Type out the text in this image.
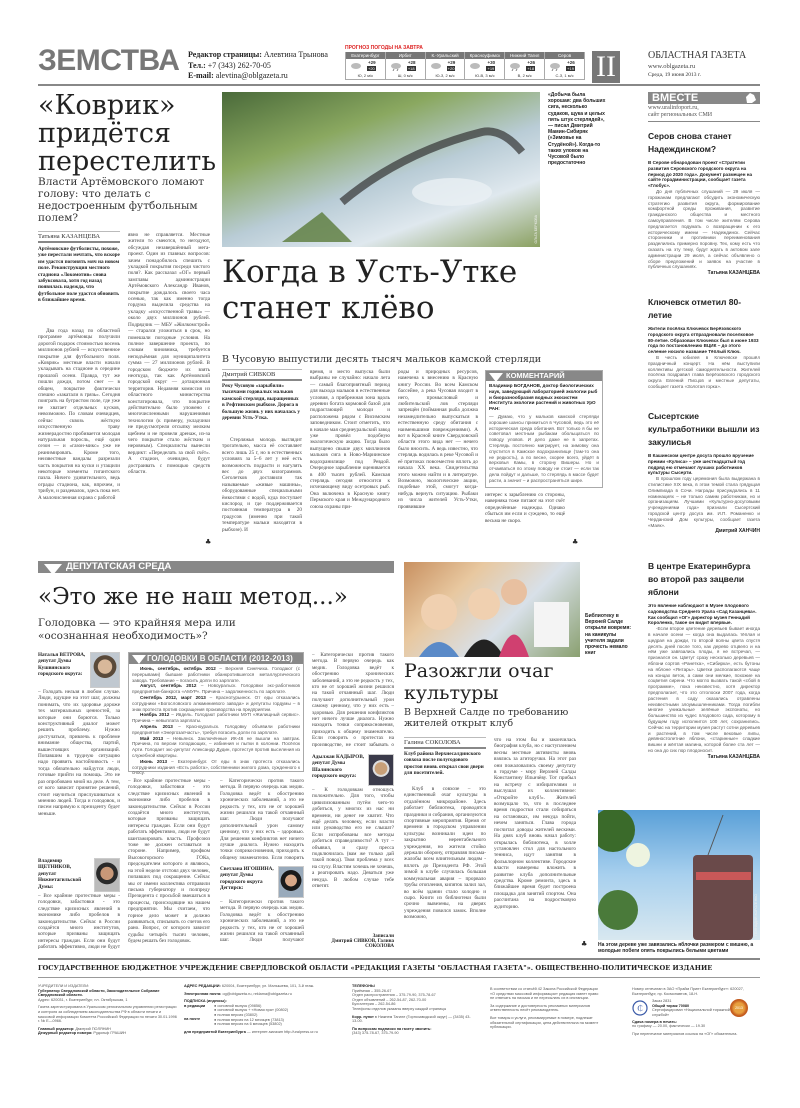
ЗЕМСТВА Редактор страницы: Алевтина Трынова
Тел.: +7 (343) 262-70-05
E-mail: alevtina@oblgazeta.ru
ПРОГНОЗ ПОГОДЫ НА ЗАВТРА
Екатеринбург
+29
+20
Ю, 2 м/с
Ирбит
+28
+18
Ш, 0 м/с
К.-Уральский
+29
+20
Ю-З, 2 м/с
Красноуфимск
+30
+19
Ю-В, 3 м/с
Нижний Тагил
+26
+18
В, 2 м/с
Серов
+26
+19
С-З, 1 м/с II	ОБЛАСТНАЯ ГАЗЕТА
www.oblgazeta.ru
Среда, 19 июня 2013 г.
«Коврик» придётся перестелить
Власти Артёмовского ломают голову: что делать с недостроенным футбольным полем?
Татьяна КАЗАНЦЕВА
Артёмовские футболисты, похоже, уже перестали мечтать, что вскоре им удастся погонять мяч на новом поле. Реконструкция местного стадиона «Локомотив» снова забуксовала, хотя год назад появилась надежда, что футбольное поле удастся обновить в ближайшее время.
Два года назад по областной программе артёмовцы получили дорогой подарок стоимостью восемь миллионов рублей — искусственное покрытие для футбольного поля. «Коврик» местные власти начали укладывать на стадионе в середине прошлой осени. Правда, тут же пошли дожди, потом снег — в общем, покрытие фактически спешно «закатали в грязь». Сегодня поиграть на бугристом поле, где уже не хватает отдельных кусков, невозможно. По словам очевидцев, сейчас сквозь жёсткую искусственную траву жизнерадостно пробивается молодая натуральная поросль, ещё один сезон — и «газон-микс» уже не реанимировать. Кроме того, неизвестные вандалы разрезали часть покрытия на куски и утащили некоторые элементы гигантского пазла. Ничего удивительного, ведь ограды стадиона, как, впрочем, и трибун, и раздевалок, здесь пока нет. А малочисленная охрана с работой
явно не справляется. Местные жители то смеются, то негодуют, обсуждая незавершённый мега-проект. Один из главных вопросов: зачем понадобилось спешить с укладкой покрытия посреди чистого поля?. Как рассказал «ОГ» первый замглавы администрации Артёмовского Александр Иванов, покрытие дождалось своего часа осенью, так как именно тогда гордума выделила средства на укладку «искусственной травы» — около двух миллионов рублей. Подрядчик — МБУ «Жилкомстрой» — старался уложиться в срок, но помешали погодные условия. На полное завершение проекта, по словам чиновника, требуется неподъёмная для муниципалитета сумма — 27 миллионов рублей. В городском бюджете их взять неоткуда, так как Артёмовский городской округ — дотационная территория. Недавняя комиссия из областного министерства констатировала, что покрытие действительно было уложено с многочисленными нарушениями технологии (к примеру, укладчики не предусмотрели отсыпку мелким щебнем и не провели дренаж, из-за чего покрытие стало жёстким и неровным). Специалисты вынесли вердикт: «Переделать за свой счёт». А стадион, очевидно, будут достраивать с помощью средств области.
♣
ОЛЬГА БЕРКОВА
«Добыча была хорошая: два больших сига, несколько судаков, щука и целых пять штук стерлядей», — писал Дмитрий Мамин-Сибиряк («Зимовье на Студёной»). Когда-то таких уловов на Чусовой было предостаточно
Когда в Усть-Утке станет клёво
В Чусовую выпустили десять тысяч мальков камской стерляди
Дмитрий СИВКОВ
Реку Чусовую «зарыбили» тысячами годовалых мальков камской стерляди, выращенных в Рефтинском рыбхозе. Дорога в большую жизнь у них началась у деревни Усть-Утка.
Стерляжья молодь выглядит трогательно, масса её составляет всего лишь 25 г, но в естественных условиях за 5–6 лет у неё есть возможность подрасти и нагулять вес до двух килограммов. Сеголетков доставили так называемые «живые машины», оборудованные специальными ёмкостями с водой, куда поступает кислород и где поддерживается постоянная температура в 20 градусов (именно при такой температуре мальки находятся в рыбхозе). И
время, и место выпуска были выбраны не случайно: начало лета — самый благоприятный период для выхода мальков в естественные условия, а прибрежная зона вдоль деревни богата кормовой базой для подрастающей молоди и расположена рядом с Висимским заповедником. Стоит отметить, что в начале мая среднеуральский завод уже провёл подобную экологическую акцию. Тогда было выпущено свыше двух миллионов мальков сига в Ново-Мариинское водохранилище под Ревдой. Очередное зарыбление оценивается в 400 тысяч рублей. Камская стерлядь сегодня относится к исчезающему виду осетровых рыб. Она включена в Красную книгу Пермского края и Международного союза охраны при-
роды и природных ресурсов, намечена к внесению в Красную книгу России. Во всем Камском бассейне, а река Чусовая входит в него, промысловый и любительский лов стерляди запрещён (пойманная рыба должна незамедлительно выпускаться в естественную среду обитания с наименьшими повреждениями). А вот в Красной книге Свердловской области этого вида нет — нечего было вносить. А ведь известно, что стерлядь водилась в реке Чусовой и её притоках повсеместно вплоть до начала XX века. Свидетельства этого можно найти и в литературе. Возможно, экологические акции, подобные этой, смогут когда-нибудь вернуть ситуацию. Рыбаки из числа жителей Усть-Утки, проявившие
КОММЕНТАРИЙ
Владимир БОГДАНОВ, доктор биологических наук, заведующий лабораторией экологии рыб и биоразнообразия водных экосистем Института экологии растений и животных УрО РАН:
— Думаю, что у мальков камской стерляди хорошие шансы прижиться в Чусовой, ведь это её историческая среда обитания. Вот только я бы не советовал местным рыбакам обольщаться по поводу уловов. И дело даже не в запретах. Стерлядь постоянно мигрирует, на зимовку она спустится в Камское водохранилище (там-то она не редкость), а по весне, скорее всего, уйдёт в верховья Камы, в сторону Вишеры. Но и отчаиваться по этому поводу не стоит — если так дела пойдут и дальше, то стерлядь в массе будет расти, а значит – и распространяться шире.
интерес к зарыблению со стороны, наверняка тоже питают на этот счёт определённые надежды. Однако сбыться им если и суждено, то ещё весьма не скоро.
♣
ВМЕСТЕ
www.uralinfoport.ru,
сайт региональных СМИ
Серов снова станет Надеждинском?
В Серове обнародован проект «Стратегии развития Серовского городского округа на период до 2020 года». Документ размещен на сайте горадминистрации, сообщает газета «Глобус».
До дня публичных слушаний — 29 июля — горожанам предлагают обсудить экономическую стратегию развития округа, формирование комфортной среды проживания, развитие гражданского общества и местного самоуправления. В том числе жителям Серова предлагается подумать о возвращении к его историческому имени — Надеждинск. Сейчас сторонники и противники переименования разделились примерно поровну. Тех, кому есть что сказать на эту тему, будут ждать в актовом зале администрации 29 июля, а сейчас объявлено о сборе предложений и заявок на участие в публичных слушаниях.
Татьяна КАЗАНЦЕВА
Ключевск отметил 80-летие
Жители посёлка Ключевск Берёзовского городского округа отпраздновали поселковое 80-летие. Образован Ключевск был в июне 1933 года по постановлению ВЦИК – до этого селение носило название Тёплый Ключ.
В честь юбилея в Ключевске прошёл праздничный концерт. На нём выступили коллективы детской самодеятельности. Жителей посёлка поздравил глава Берёзовского городского округа Евгений Писцов и местные депутаты, сообщает газета «Золотая горка».
Сысертские культработники вышли из закулисья
В Кашинском центре досуга прошло вручение премии «Кулиса» – уже шестнадцатый год подряд ею отмечают лучших работников культуры Сысерти.
В прошлом году церемония была выдержана в стилистике XIX века, в этом темой стала грядущая Олимпиада в Сочи. Награды присуждались в 11 номинациях – не только самим работникам, но и организациям. Лучшими «Культурно-досуговыми учреждениями года» признали Сысертский городской центр досуга им. И.П. Романенко и Черданский Дом культуры, сообщает газета «Маяк».
Дмитрий ХАНЧИН
В центре Екатеринбурга во второй раз зацвели яблони
Это явление наблюдают в Музее плодового садоводства Среднего Урала «Сад Казанцева». Как сообщил «ОГ» директор музея Геннадий Короленко, такое он видит впервые.
-Если второе цветение деревьев бывает иногда в начале осени — когда она выдалась тёплая и щедрая на дожди, то второй волны цвета спустя десять дней после того, как дерево отцвело и на нём уже завязались плоды, я не встречал, — признался он. Цветут сразу несколько деревьев — яблони сортов «Ранетка», «Сибирка», есть бутоны на яблоне «Янтарь». Цветки располагаются чаще на концах веток, а сами они мелкие, похожие на соцветия сирени. Что могло вызвать такой «сбой в программе», пока неизвестно, хотя директор предполагает, что это отголоски 2007 года, когда растения в саду оказались отравлены неизвестными злоумышленниками. Тогда погибли многие уникальные зелёные экспонаты, но большинство из чудес плодового сада, которому в будущем году исполнится 100 лет, сохранились. Сейчас на территории музея растут сотни деревьев и растений, в том числе вековые липы, девяностолетние яблони, «старинные» сладкие вишни и жёлтая малина, которой более ста лет — но она до сих пор плодоносит.
Татьяна КАЗАНЦЕВА
ГЕННАДИЙ КОРОЛЕНКО
На этом дереве уже завязались яблочки размером с вишню, а молодые побеги опять покрылись белыми цветами
ДЕПУТАТСКАЯ СРЕДА
«Это же не наш метод...»
Голодовка — это крайняя мера или «осознанная необходимость»?
Наталья ВЕТРОВА,
депутат Думы Кушвинского городского округа:
– Голодать нельзя в любом случае. Люди, идущие на этот шаг, должны понимать, что их здоровье дороже тех материальных ценностей, за которые они борются. Только конструктивный диалог может решить проблему. Нужно достучаться, привлечь к проблеме внимание общества, партий, вышестоящих организаций. Попавшим в трудную ситуацию надо проявить настойчивость - и тогда обязательно найдутся люди, готовые прийти на помощь. Это не раз опробовано мной на деле. А тем, от кого зависит принятие решений, стоит научиться прислушиваться к мнению людей. Тогда и голодовок, и писем напрямую к президенту будет меньше.
Владимир ЩЕТНИКОВ,
депутат Нижнетагильской Думы:
– Все крайние протестные меры - голодовки, забастовки - это следствие кризисных явлений в экономике либо пробелов в законодательстве. Сейчас в России создаётся много институтов, которые призваны защищать интересы граждан. Если они будут работать эффективно, люди не будут
ГОЛОДОВКИ В ОБЛАСТИ (2012-2013)
Июнь, сентябрь, октябрь 2012 – Верхняя Синячиха. Голодают (с перерывами) бывшие работники обанкротившегося металлургического завода. Требование – погасить долги по зарплате.
Август, сентябрь 2012 – Новоуральск. Голодовки экс-работников предприятия-банкрота «АМУР». Причина – задолженность по зарплате.
Сентябрь 2012, март 2013 – Краснотурьинск. От еды отказались сотрудники «Богословского алюминиевого завода» и депутаты гордумы – в знак протеста против сокращения производства на предприятии.
Ноябрь 2012 – Ивдель. Голодают работники МУП «Жилищный сервис». Причина – невыплата зарплаты.
Апрель 2013 – Красноуральск. Голодовку объявили работники предприятия «Энергозапчасть», требуя погасить долги по зарплате.
Май 2013 – Невьянск. Заключённые ИК-46 не вышли на завтрак. Причина, по версии голодающих, – избиения и пытки в колонии. Посёлок Арти. Голодает экс-депутат Александр Дудин, протестуя против выселения из служебной квартиры.
Июнь 2013 – Екатеринбург. От еды в знак протеста отказались сотрудники издания «Есть работа», собственники жилого дома, сужденного к сносу.
– Все крайние протестные меры - голодовки, забастовки - это следствие кризисных явлений в экономике либо пробелов в законодательстве. Сейчас в России создаётся много институтов, которые призваны защищать интересы граждан. Если они будут работать эффективно, люди не будут шантажировать власть. Профсоюз тоже не должен оставаться в стороне. Например, профком Высокогорского ГОКа, председателем которого я являюсь, на этой неделе отстоял двух человек, попавших под сокращение. Сейчас мы от имени коллектива отправили письма губернатору и полпреду Президента с просьбой вмешаться в процессы, происходящие на нашем предприятии. Мы считаем, что горное дело может и должно развиваться, списывать со счетов его рано. Вопрос, от которого зависит судьбы четырёх тысяч человек, будем решать без голодовок.
– Категорически против такого метода. В первую очередь как медик. Голодовка ведёт к обострению хронических заболеваний, а это не редкость у тех, кто не от хорошей жизни решился на такой отчаянный шаг. Люди получают дополнительный урон самому ценному, что у них есть – здоровью. Для решения конфликтов нет ничего лучше диалога. Нужно находить точки соприкосновения, приходить к общему знаменателю. Если говорить
Светлана ИГОШИНА,
депутат Думы городского округа Дегтярск:
– Категорически против такого метода. В первую очередь как медик. Голодовка ведёт к обострению хронических заболеваний, а это не редкость у тех, кто не от хорошей жизни решился на такой отчаянный шаг. Люди получают
– Категорически против такого метода. В первую очередь как медик. Голодовка ведёт к обострению хронических заболеваний, а это не редкость у тех, кто не от хорошей жизни решился на такой отчаянный шаг. Люди получают дополнительный урон самому ценному, что у них есть – здоровью. Для решения конфликтов нет ничего лучше диалога. Нужно находить точки соприкосновения, приходить к общему знаменателю. Если говорить о протестах на производстве, не стоит забывать о
Адылжан КАДЫРОВ,
депутат Думы Шалинского городского округа:
– К голодовкам отношусь положительно. Для того, чтобы цивилизованным путём чего-то добиться, у многих из нас ни времени, ни денег не хватит. Что ещё делать человеку, если власти или руководство его не слышат? Если испробованы все методы добиться справедливости? А тут – объявил, и сразу пресса подключилась (вам же только дай такой повод). Твоя проблема у всех на слуху. Властям хочешь не хочешь, а реагировать надо. Деваться уже некуда. В любом случае тебе ответят.
Записали
Дмитрий СИВКОВ, Галина СОКОЛОВА
Библиотеку в Верхней Салде открыли вовремя: на каникулы учителя задали прочесть немало книг
Разожгли очаг культуры
В Верхней Салде по требованию жителей открыт клуб
Галина СОКОЛОВА
Клуб района Верхнесалдинского совхоза после полугодового простоя вновь открыл свои двери для посетителей.
Клуб в совхозе – это единственный очаг культуры в отдалённом микрорайоне. Здесь работает библиотека, проводятся праздники и собрания, организуются спортивные мероприятия. Время от времени в городском управлении культуры возникали идеи по закрытию нерентабельного учреждения, но жители стойко держали оборону, отправляя письма-жалобы всем влиятельным людям - вплоть до Президента РФ. Этой зимой в клубе случилась большая коммунальная авария – прорвало трубы отопления, кипяток залил зал, во всём здании стало холодно и сыро. Книги из библиотеки были срочно вывезены, на дверях учреждения повился замок. Вполне возможно,
что на этом бы и закончилась биография клуба, но с наступлением весны местные активисты вновь взялись за агиторучки. На этот раз они пожаловались своему депутату в гордуме - мэру Верхней Салды Константину Ильичёву. Тот прибыл на встречу с избирателями и выслушал их коллективное: «Откройте клуб!». Жителей возмущало то, что в последнее время подростки стали собираться на остановках, им некуда пойти, нечем заняться. Глава города посчитал доводы жителей вескими. На днях клуб вновь начал работу: открылась библиотека, в холле установлен стол для настольного тенниса, идут занятия в фольклорном коллективе. Городские власти намерены вложить в развитие клуба дополнительные средства. Кроме ремонта, здесь в ближайшее время будет построена площадка для занятий спортом. Она рассчитана на подростковую аудиторию.
♣
ГОСУДАРСТВЕННОЕ БЮДЖЕТНОЕ УЧРЕЖДЕНИЕ СВЕРДЛОВСКОЙ ОБЛАСТИ «РЕДАКЦИЯ ГАЗЕТЫ "ОБЛАСТНАЯ ГАЗЕТА"». ОБЩЕСТВЕННО-ПОЛИТИЧЕСКОЕ ИЗДАНИЕ
УЧРЕДИТЕЛИ И ИЗДАТЕЛИ:
Губернатор Свердловской области, Законодательное Собрание Свердловской области.
Адрес: 620031, г. Екатеринбург, пл. Октябрьская, 1
Газета зарегистрирована в Уральском региональном управлении регистрации и контроля за соблюдением законодательства РФ в области печати и массовой информации Комитета Российской Федерации по печати 30.01.1996 г. № Е—0966.
Главный редактор: Дмитрий ПОЛЯНИН
Дежурный редактор номера: Рудольф ГРАШИН
АДРЕС РЕДАКЦИИ: 620004, Екатеринбург, ул. Малышева, 101, 3-й этаж.
Электронная почта: og@oblgazeta.ru, reklama@oblgazeta.ru
ПОДПИСКА (индексы):
в редакции
на почте
● основной выпуск (09856)
● основной выпуск + «Новая эра» (00802)
● полная версия (03802)
● полная версия на 12 месяцев (73813)
● полная версия на 6 месяцев (53802)
для предприятий Екатеринбурга — интернет-магазин http://uralpress.ur.ru
ТЕЛЕФОНЫ
Приёмная – 355-26-67
Отдел распространения – 375-79-90, 375-78-67
Отдел объявлений – 262-54-87, 262-70-00
Бухгалтерия – 262-54-86
Телефоны отделов указаны вверху каждой страницы
Корр. пункт в Нижнем Тагиле (Горнозаводской округ) — (3435) 43-13-00.
По вопросам подписки на газету звонить:
(343) 375-78-67, 375-79-90
В соответствии со статьёй 42 Закона Российской Федерации «О средствах массовой информации» редакция имеет право не отвечать на письма и не пересылать их в инстанции.
За содержание и достоверность рекламных материалов ответственность несёт рекламодатель.
Все товары и услуги, рекламируемые в номере, подлежат обязательной сертификации, цена действительна на момент публикации.
Номер отпечатан в ЗАО «Прайм Принт Екатеринбург»: 620027, Екатеринбург, пр. Космонавтов, 18-Н.
₵
Заказ 2831
Общий тираж 70080
Сертифицирован «Национальной тиражной службой»
2013
Сдача номера в печать:
по графику — 20.00, фактически — 19.30
При перепечатке материалов ссылка на «ОГ» обязательна.
